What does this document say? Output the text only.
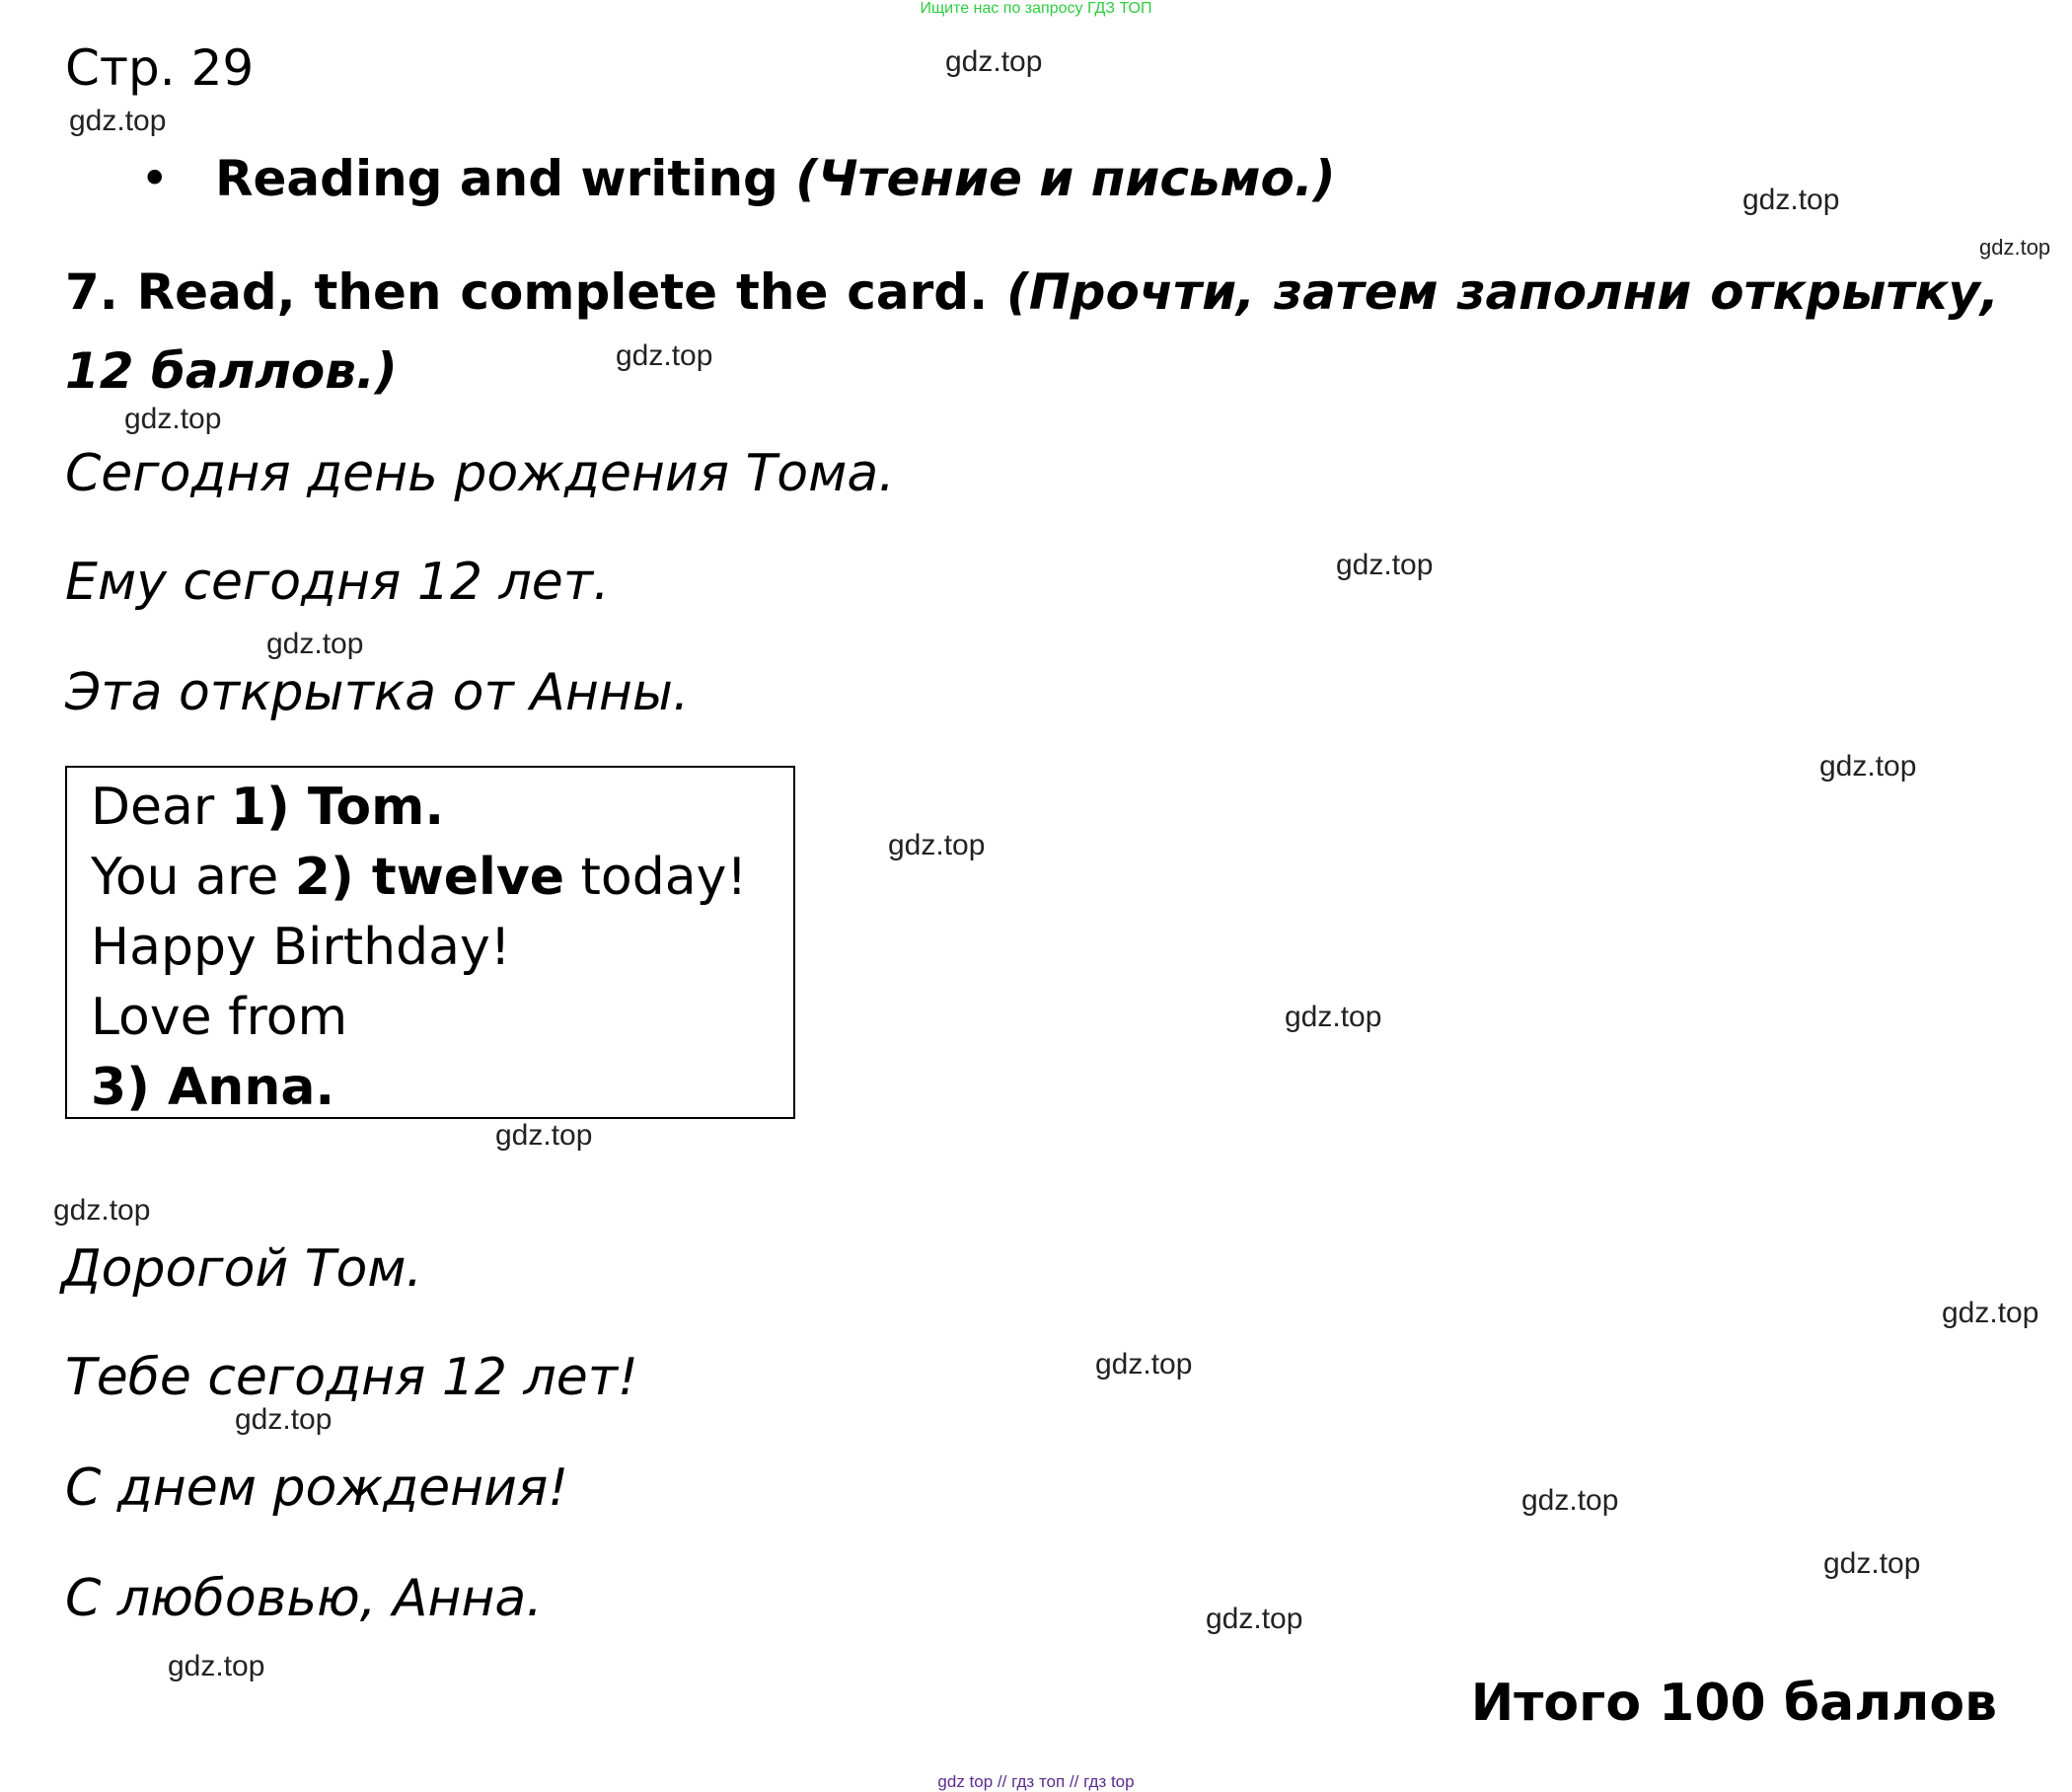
Ищите нас по запросу ГДЗ ТОП
Стр. 29
• Reading and writing (Чтение и письмо.)
7. Read, then complete the card. (Прочти, затем заполни открытку, 12 баллов.)
Сегодня день рождения Тома.
Ему сегодня 12 лет.
Эта открытка от Анны.
Dear 1) Tom.
You are 2) twelve today!
Happy Birthday!
Love from
3) Anna.
Дорогой Том.
Тебе сегодня 12 лет!
С днем рождения!
С любовью, Анна.
Итого 100 баллов
gdz.top
gdz.top
gdz.top
gdz.top
gdz.top
gdz.top
gdz.top
gdz.top
gdz.top
gdz.top
gdz.top
gdz.top
gdz.top
gdz.top
gdz.top
gdz.top
gdz.top
gdz.top
gdz.top
gdz.top
gdz top // гдз топ // гдз top
